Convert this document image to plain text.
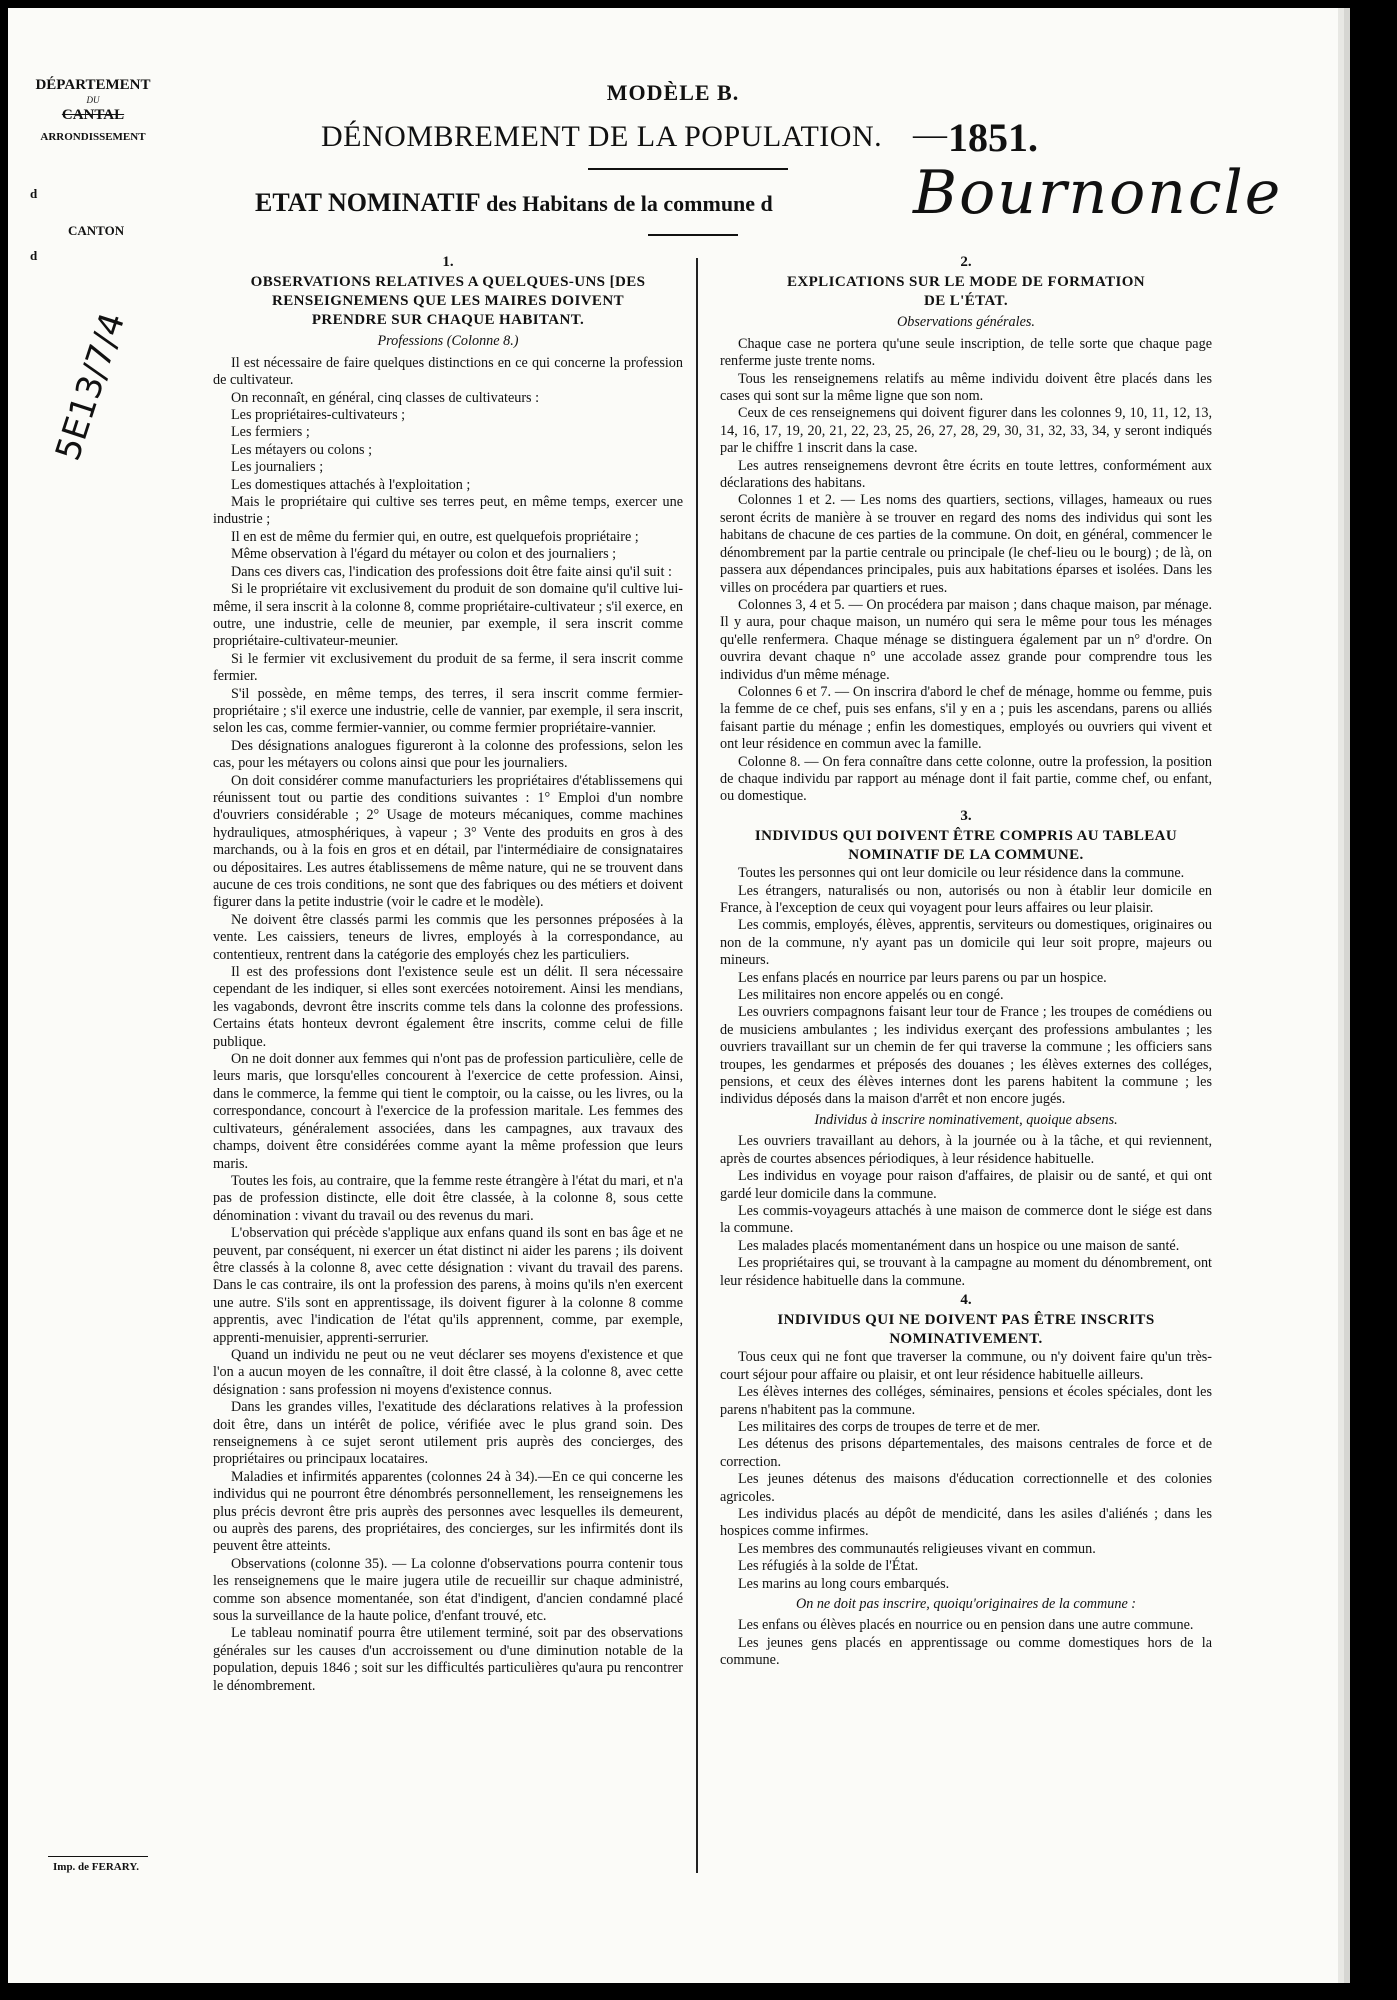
DÉPARTEMENT
DU
CANTAL
ARRONDISSEMENT
d
CANTON
d
5E13/7/4
MODÈLE B.
DÉNOMBREMENT DE LA POPULATION. — 1851.
ETAT NOMINATIF des Habitans de la commune d Bournoncle

1.

OBSERVATIONS RELATIVES A QUELQUES-UNS [DES

RENSEIGNEMENS QUE LES MAIRES DOIVENT

PRENDRE SUR CHAQUE HABITANT.

Professions (Colonne 8.)

Il est nécessaire de faire quelques distinctions en ce qui concerne la profession de cultivateur.

On reconnaît, en général, cinq classes de cultivateurs :

Les propriétaires-cultivateurs ;

Les fermiers ;

Les métayers ou colons ;

Les journaliers ;

Les domestiques attachés à l'exploitation ;

Mais le propriétaire qui cultive ses terres peut, en même temps, exercer une industrie ;

Il en est de même du fermier qui, en outre, est quelquefois propriétaire ;

Même observation à l'égard du métayer ou colon et des journaliers ;

Dans ces divers cas, l'indication des professions doit être faite ainsi qu'il suit :

Si le propriétaire vit exclusivement du produit de son domaine qu'il cultive lui-même, il sera inscrit à la colonne 8, comme propriétaire-cultivateur ; s'il exerce, en outre, une industrie, celle de meunier, par exemple, il sera inscrit comme propriétaire-cultivateur-meunier.

Si le fermier vit exclusivement du produit de sa ferme, il sera inscrit comme fermier.

S'il possède, en même temps, des terres, il sera inscrit comme fermier-propriétaire ; s'il exerce une industrie, celle de vannier, par exemple, il sera inscrit, selon les cas, comme fermier-vannier, ou comme fermier propriétaire-vannier.

Des désignations analogues figureront à la colonne des professions, selon les cas, pour les métayers ou colons ainsi que pour les journaliers.

On doit considérer comme manufacturiers les propriétaires d'établissemens qui réunissent tout ou partie des conditions suivantes : 1° Emploi d'un nombre d'ouvriers considérable ; 2° Usage de moteurs mécaniques, comme machines hydrauliques, atmosphériques, à vapeur ; 3° Vente des produits en gros à des marchands, ou à la fois en gros et en détail, par l'intermédiaire de consignataires ou dépositaires. Les autres établissemens de même nature, qui ne se trouvent dans aucune de ces trois conditions, ne sont que des fabriques ou des métiers et doivent figurer dans la petite industrie (voir le cadre et le modèle).

Ne doivent être classés parmi les commis que les personnes préposées à la vente. Les caissiers, teneurs de livres, employés à la correspondance, au contentieux, rentrent dans la catégorie des employés chez les particuliers.

Il est des professions dont l'existence seule est un délit. Il sera nécessaire cependant de les indiquer, si elles sont exercées notoirement. Ainsi les mendians, les vagabonds, devront être inscrits comme tels dans la colonne des professions. Certains états honteux devront également être inscrits, comme celui de fille publique.

On ne doit donner aux femmes qui n'ont pas de profession particulière, celle de leurs maris, que lorsqu'elles concourent à l'exercice de cette profession. Ainsi, dans le commerce, la femme qui tient le comptoir, ou la caisse, ou les livres, ou la correspondance, concourt à l'exercice de la profession maritale. Les femmes des cultivateurs, généralement associées, dans les campagnes, aux travaux des champs, doivent être considérées comme ayant la même profession que leurs maris.

Toutes les fois, au contraire, que la femme reste étrangère à l'état du mari, et n'a pas de profession distincte, elle doit être classée, à la colonne 8, sous cette dénomination : vivant du travail ou des revenus du mari.

L'observation qui précède s'applique aux enfans quand ils sont en bas âge et ne peuvent, par conséquent, ni exercer un état distinct ni aider les parens ; ils doivent être classés à la colonne 8, avec cette désignation : vivant du travail des parens. Dans le cas contraire, ils ont la profession des parens, à moins qu'ils n'en exercent une autre. S'ils sont en apprentissage, ils doivent figurer à la colonne 8 comme apprentis, avec l'indication de l'état qu'ils apprennent, comme, par exemple, apprenti-menuisier, apprenti-serrurier.

Quand un individu ne peut ou ne veut déclarer ses moyens d'existence et que l'on a aucun moyen de les connaître, il doit être classé, à la colonne 8, avec cette désignation : sans profession ni moyens d'existence connus.

Dans les grandes villes, l'exatitude des déclarations relatives à la profession doit être, dans un intérêt de police, vérifiée avec le plus grand soin. Des renseignemens à ce sujet seront utilement pris auprès des concierges, des propriétaires ou principaux locataires.

Maladies et infirmités apparentes (colonnes 24 à 34).—En ce qui concerne les individus qui ne pourront être dénombrés personnellement, les renseignemens les plus précis devront être pris auprès des personnes avec lesquelles ils demeurent, ou auprès des parens, des propriétaires, des concierges, sur les infirmités dont ils peuvent être atteints.

Observations (colonne 35). — La colonne d'observations pourra contenir tous les renseignemens que le maire jugera utile de recueillir sur chaque administré, comme son absence momentanée, son état d'indigent, d'ancien condamné placé sous la surveillance de la haute police, d'enfant trouvé, etc.

Le tableau nominatif pourra être utilement terminé, soit par des observations générales sur les causes d'un accroissement ou d'une diminution notable de la population, depuis 1846 ; soit sur les difficultés particulières qu'aura pu rencontrer le dénombrement.

2.

EXPLICATIONS SUR LE MODE DE FORMATION

DE L'ÉTAT.

Observations générales.

Chaque case ne portera qu'une seule inscription, de telle sorte que chaque page renferme juste trente noms.

Tous les renseignemens relatifs au même individu doivent être placés dans les cases qui sont sur la même ligne que son nom.

Ceux de ces renseignemens qui doivent figurer dans les colonnes 9, 10, 11, 12, 13, 14, 16, 17, 19, 20, 21, 22, 23, 25, 26, 27, 28, 29, 30, 31, 32, 33, 34, y seront indiqués par le chiffre 1 inscrit dans la case.

Les autres renseignemens devront être écrits en toute lettres, conformément aux déclarations des habitans.

Colonnes 1 et 2. — Les noms des quartiers, sections, villages, hameaux ou rues seront écrits de manière à se trouver en regard des noms des individus qui sont les habitans de chacune de ces parties de la commune. On doit, en général, commencer le dénombrement par la partie centrale ou principale (le chef-lieu ou le bourg) ; de là, on passera aux dépendances principales, puis aux habitations éparses et isolées. Dans les villes on procédera par quartiers et rues.

Colonnes 3, 4 et 5. — On procédera par maison ; dans chaque maison, par ménage. Il y aura, pour chaque maison, un numéro qui sera le même pour tous les ménages qu'elle renfermera. Chaque ménage se distinguera également par un n° d'ordre. On ouvrira devant chaque n° une accolade assez grande pour comprendre tous les individus d'un même ménage.

Colonnes 6 et 7. — On inscrira d'abord le chef de ménage, homme ou femme, puis la femme de ce chef, puis ses enfans, s'il y en a ; puis les ascendans, parens ou alliés faisant partie du ménage ; enfin les domestiques, employés ou ouvriers qui vivent et ont leur résidence en commun avec la famille.

Colonne 8. — On fera connaître dans cette colonne, outre la profession, la position de chaque individu par rapport au ménage dont il fait partie, comme chef, ou enfant, ou domestique.

3.

INDIVIDUS QUI DOIVENT ÊTRE COMPRIS AU TABLEAU

NOMINATIF DE LA COMMUNE.

Toutes les personnes qui ont leur domicile ou leur résidence dans la commune.

Les étrangers, naturalisés ou non, autorisés ou non à établir leur domicile en France, à l'exception de ceux qui voyagent pour leurs affaires ou leur plaisir.

Les commis, employés, élèves, apprentis, serviteurs ou domestiques, originaires ou non de la commune, n'y ayant pas un domicile qui leur soit propre, majeurs ou mineurs.

Les enfans placés en nourrice par leurs parens ou par un hospice.

Les militaires non encore appelés ou en congé.

Les ouvriers compagnons faisant leur tour de France ; les troupes de comédiens ou de musiciens ambulantes ; les individus exerçant des professions ambulantes ; les ouvriers travaillant sur un chemin de fer qui traverse la commune ; les officiers sans troupes, les gendarmes et préposés des douanes ; les élèves externes des colléges, pensions, et ceux des élèves internes dont les parens habitent la commune ; les individus déposés dans la maison d'arrêt et non encore jugés.

Individus à inscrire nominativement, quoique absens.

Les ouvriers travaillant au dehors, à la journée ou à la tâche, et qui reviennent, après de courtes absences périodiques, à leur résidence habituelle.

Les individus en voyage pour raison d'affaires, de plaisir ou de santé, et qui ont gardé leur domicile dans la commune.

Les commis-voyageurs attachés à une maison de commerce dont le siége est dans la commune.

Les malades placés momentanément dans un hospice ou une maison de santé.

Les propriétaires qui, se trouvant à la campagne au moment du dénombrement, ont leur résidence habituelle dans la commune.

4.

INDIVIDUS QUI NE DOIVENT PAS ÊTRE INSCRITS

NOMINATIVEMENT.

Tous ceux qui ne font que traverser la commune, ou n'y doivent faire qu'un très-court séjour pour affaire ou plaisir, et ont leur résidence habituelle ailleurs.

Les élèves internes des colléges, séminaires, pensions et écoles spéciales, dont les parens n'habitent pas la commune.

Les militaires des corps de troupes de terre et de mer.

Les détenus des prisons départementales, des maisons centrales de force et de correction.

Les jeunes détenus des maisons d'éducation correctionnelle et des colonies agricoles.

Les individus placés au dépôt de mendicité, dans les asiles d'aliénés ; dans les hospices comme infirmes.

Les membres des communautés religieuses vivant en commun.

Les réfugiés à la solde de l'État.

Les marins au long cours embarqués.

On ne doit pas inscrire, quoiqu'originaires de la commune :

Les enfans ou élèves placés en nourrice ou en pension dans une autre commune.

Les jeunes gens placés en apprentissage ou comme domestiques hors de la commune.

Imp. de FERARY.
